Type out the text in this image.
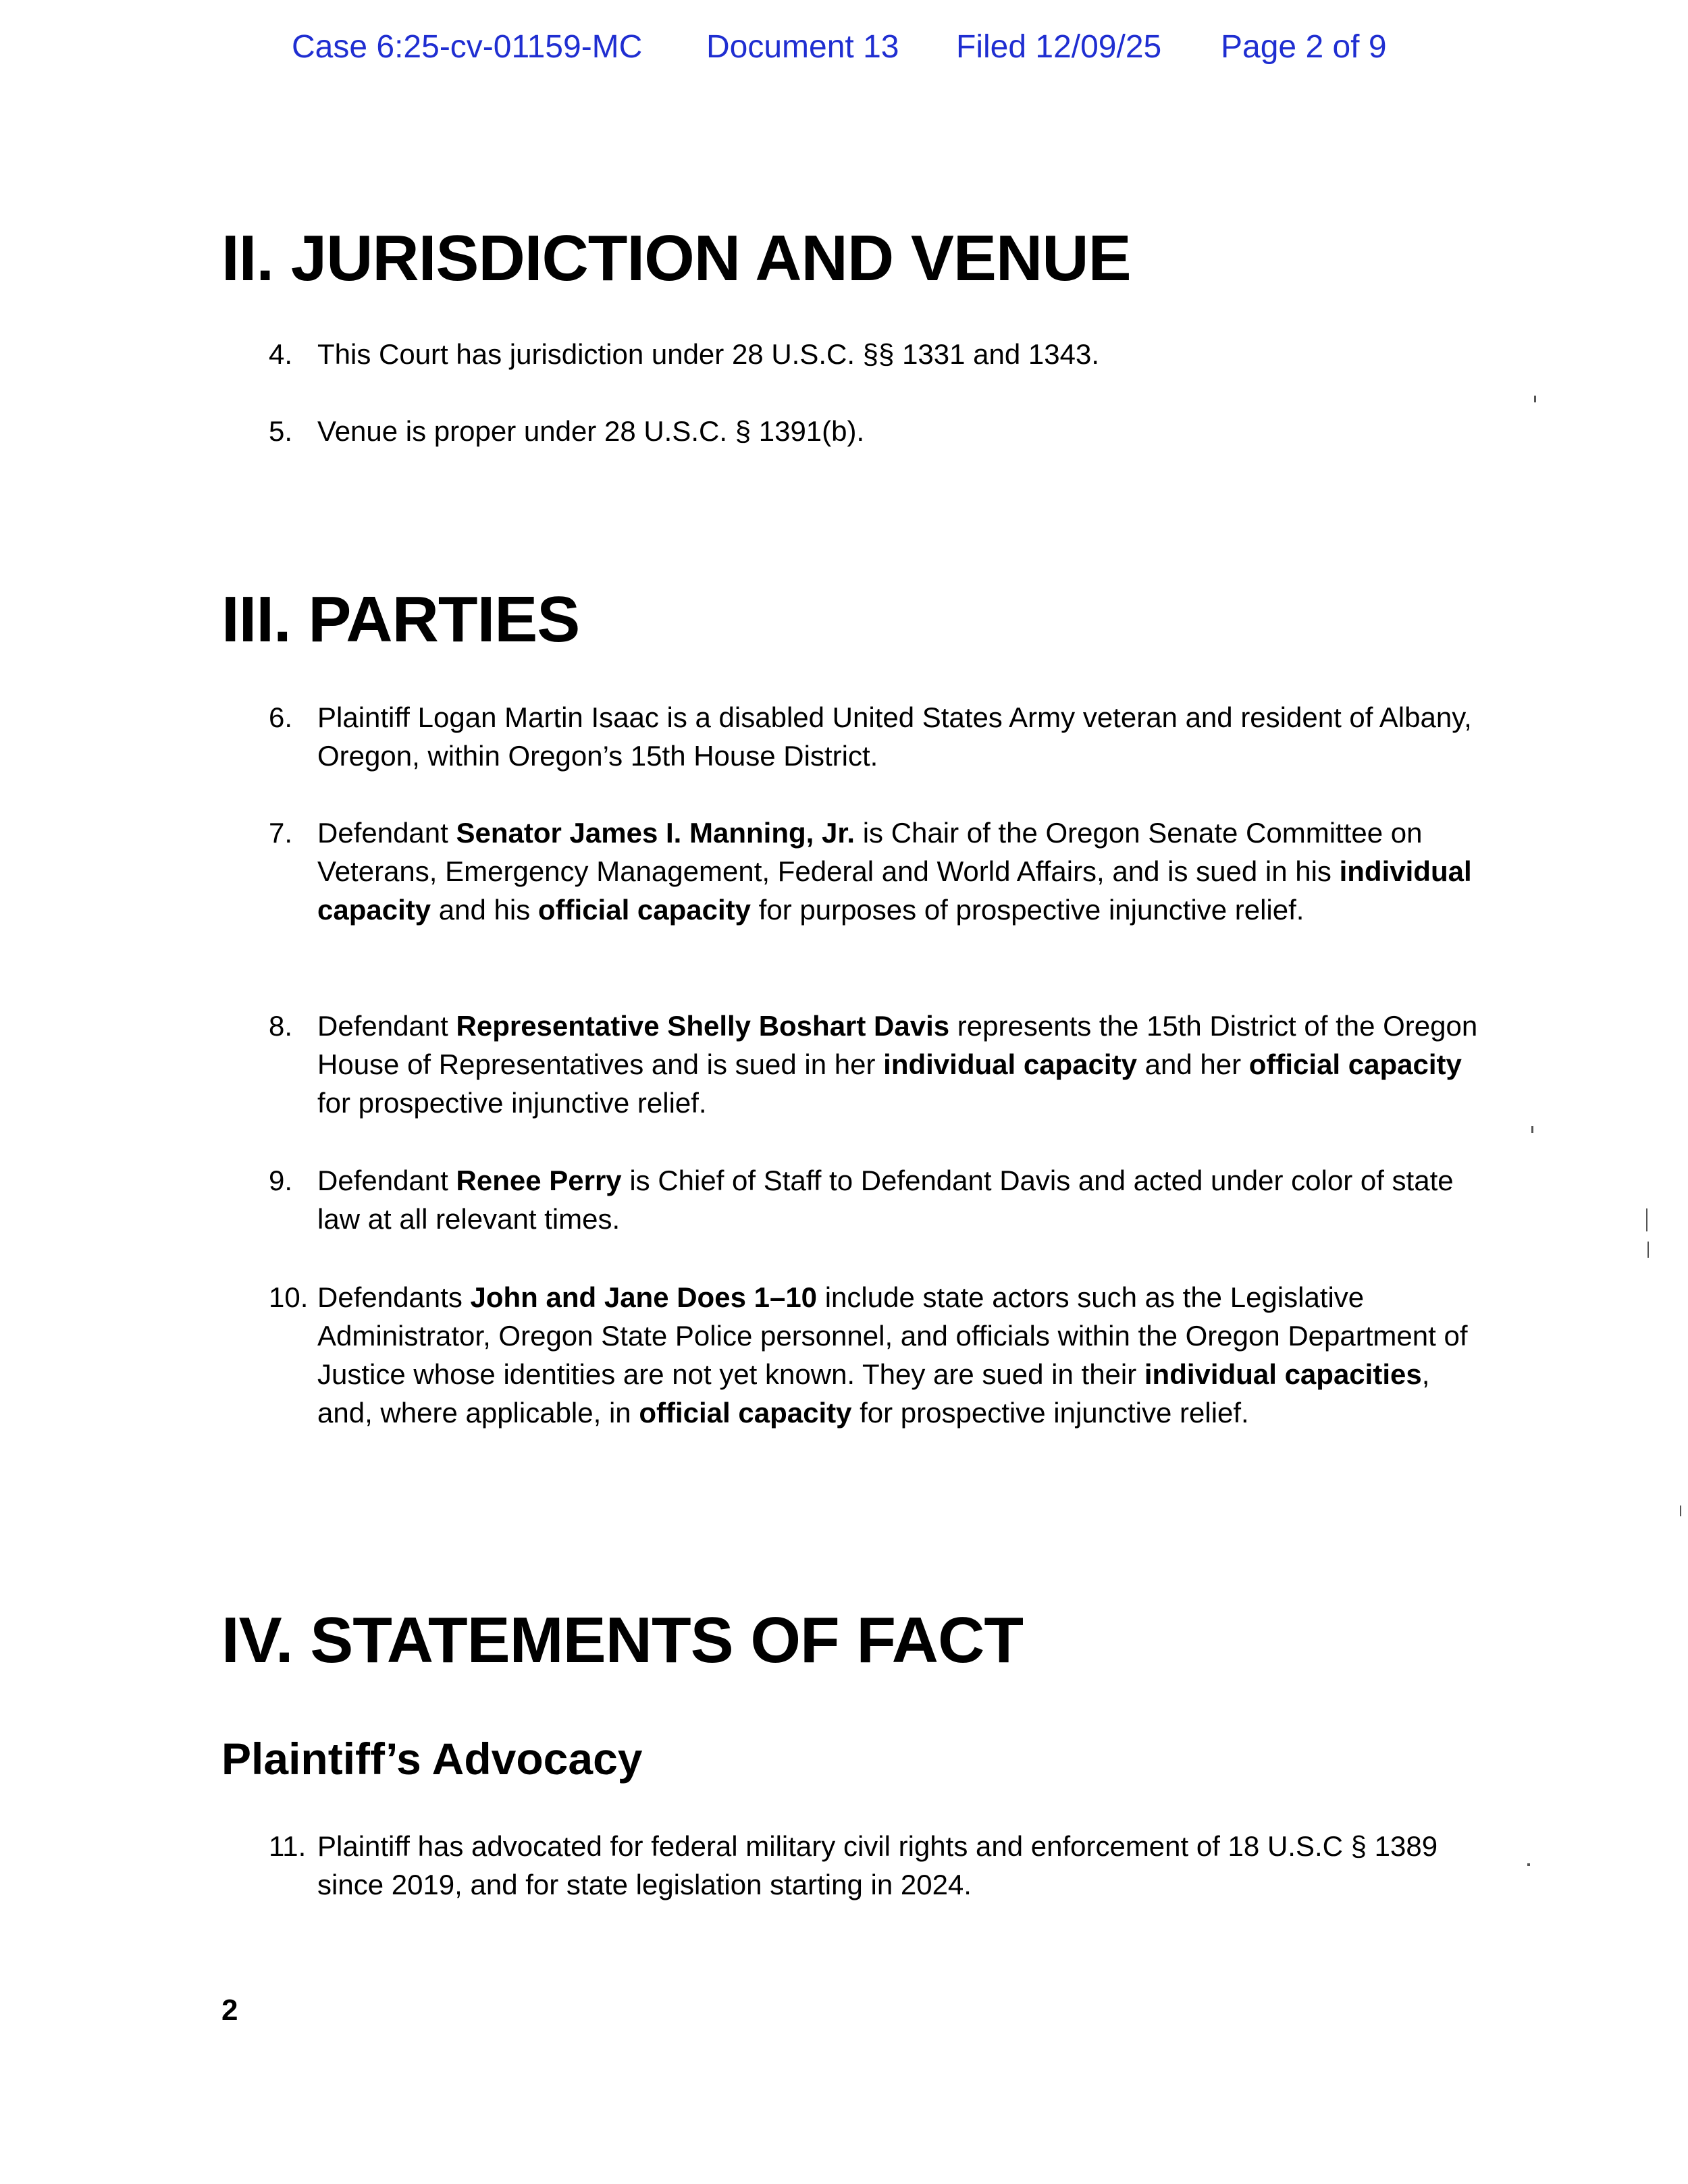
Case 6:25-cv-01159-MC Document 13 Filed 12/09/25 Page 2 of 9
II. JURISDICTION AND VENUE
4. This Court has jurisdiction under 28 U.S.C. §§ 1331 and 1343.
5. Venue is proper under 28 U.S.C. § 1391(b).
III. PARTIES
6. Plaintiff Logan Martin Isaac is a disabled United States Army veteran and resident of Albany, Oregon, within Oregon’s 15th House District.
7. Defendant Senator James I. Manning, Jr. is Chair of the Oregon Senate Committee on Veterans, Emergency Management, Federal and World Affairs, and is sued in his individual capacity and his official capacity for purposes of prospective injunctive relief.
8. Defendant Representative Shelly Boshart Davis represents the 15th District of the Oregon House of Representatives and is sued in her individual capacity and her official capacity for prospective injunctive relief.
9. Defendant Renee Perry is Chief of Staff to Defendant Davis and acted under color of state law at all relevant times.
10. Defendants John and Jane Does 1–10 include state actors such as the Legislative Administrator, Oregon State Police personnel, and officials within the Oregon Department of Justice whose identities are not yet known. They are sued in their individual capacities, and, where applicable, in official capacity for prospective injunctive relief.
IV. STATEMENTS OF FACT
Plaintiff’s Advocacy
11. Plaintiff has advocated for federal military civil rights and enforcement of 18 U.S.C § 1389 since 2019, and for state legislation starting in 2024.
2
